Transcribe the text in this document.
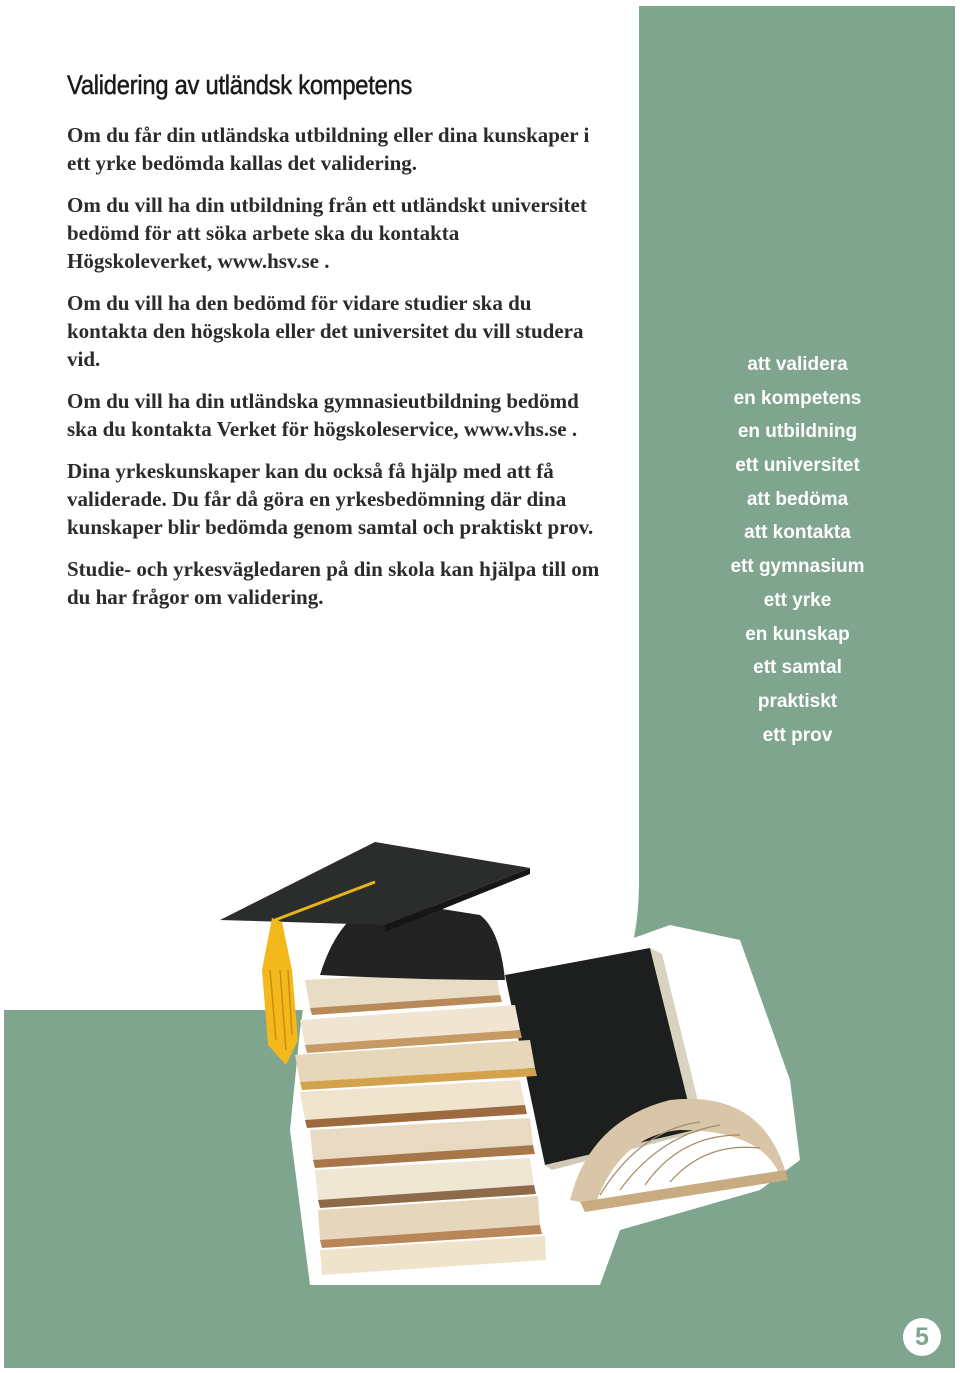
Validering av utländsk kompetens

Om du får din utländska utbildning eller dina kunskaper i ett yrke bedömda kallas det validering.

Om du vill ha din utbildning från ett utländskt universitet bedömd för att söka arbete ska du kontakta Högskoleverket, www.hsv.se .

Om du vill ha den bedömd för vidare studier ska du kontakta den högskola eller det universitet du vill studera vid.

Om du vill ha din utländska gymnasieutbildning bedömd ska du kontakta Verket för högskoleservice, www.vhs.se .

Dina yrkeskunskaper kan du också få hjälp med att få validerade. Du får då göra en yrkesbedömning där dina kunskaper blir bedömda genom samtal och praktiskt prov.

Studie- och yrkesvägledaren på din skola kan hjälpa till om du har frågor om validering.

att validera
en kompetens
en utbildning
ett universitet
att bedöma
att kontakta
ett gymnasium
ett yrke
en kunskap
ett samtal
praktiskt
ett prov
5
